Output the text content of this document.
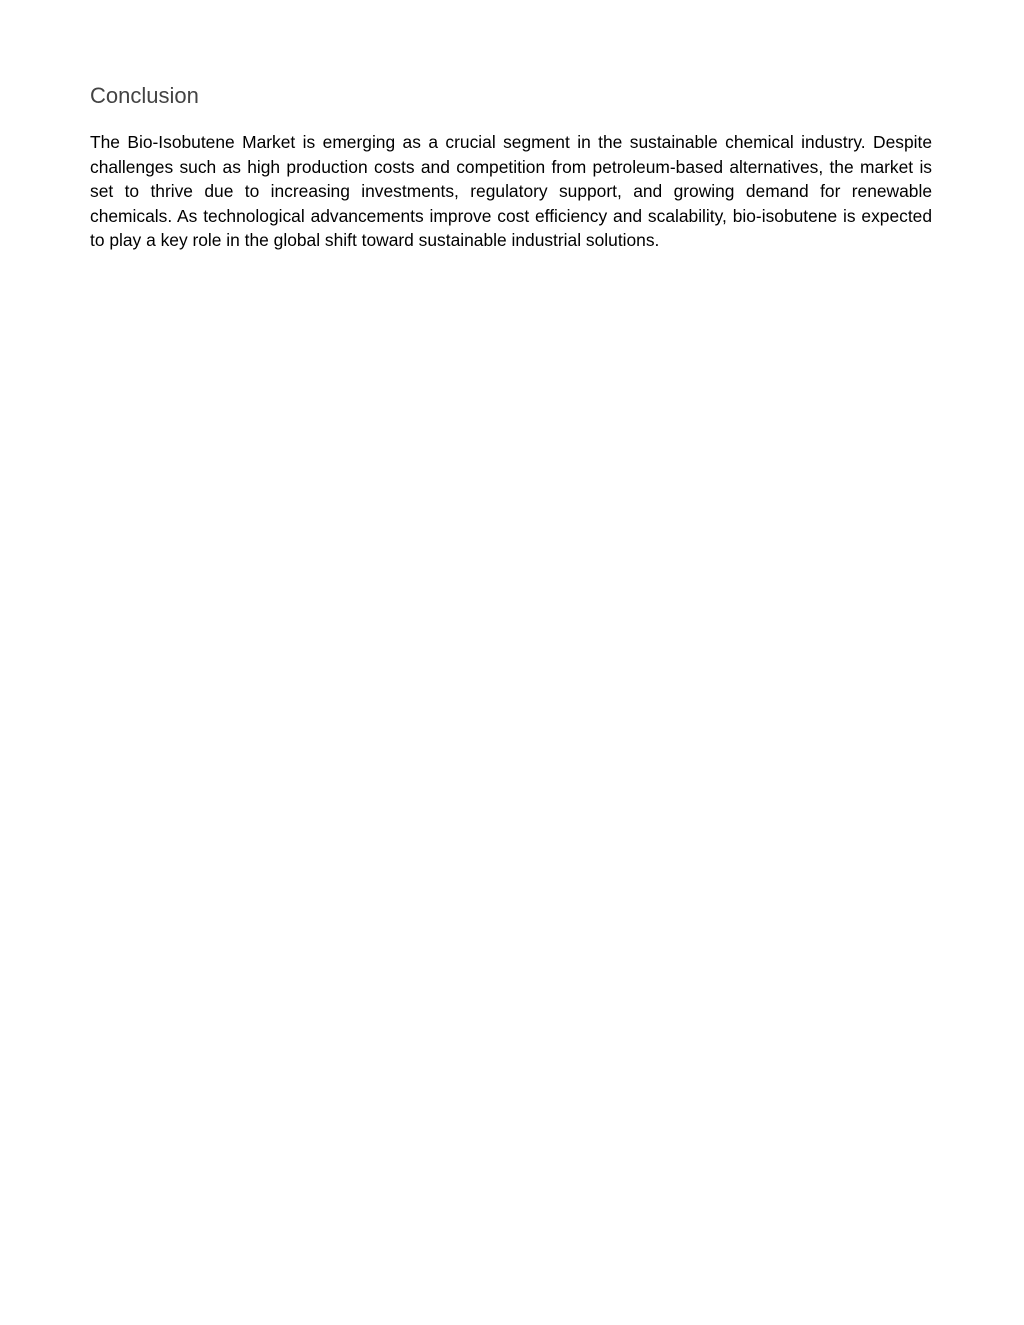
Conclusion

The Bio-Isobutene Market is emerging as a crucial segment in the sustainable chemical industry. Despite challenges such as high production costs and competition from petroleum-based alternatives, the market is set to thrive due to increasing investments, regulatory support, and growing demand for renewable chemicals. As technological advancements improve cost efficiency and scalability, bio-isobutene is expected to play a key role in the global shift toward sustainable industrial solutions.
